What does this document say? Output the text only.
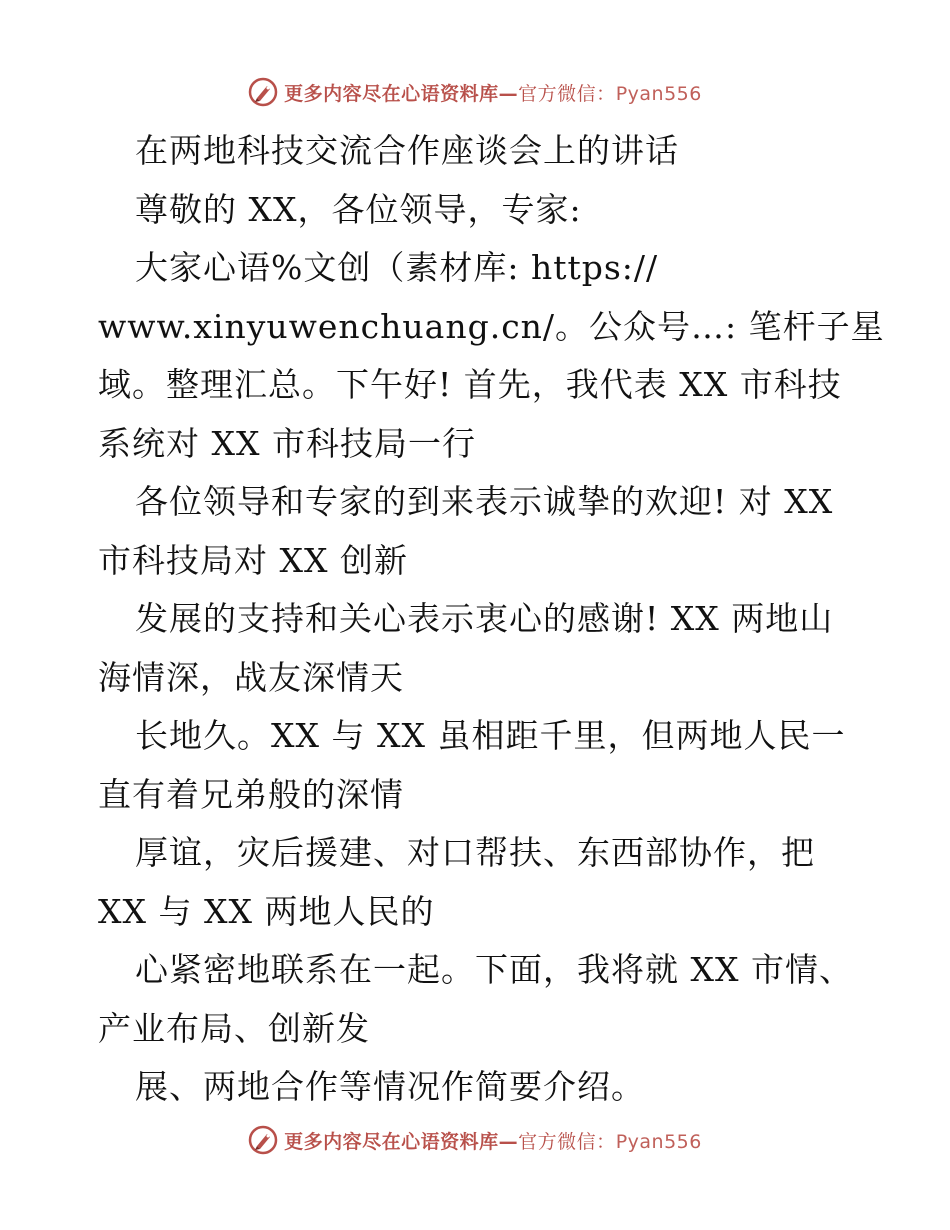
更多内容尽在心语资料库—官方微信：Pyan556
在两地科技交流合作座谈会上的讲话
尊敬的 XX，各位领导，专家:
大家心语%文创（素材库: https://
www.xinyuwenchuang.cn/。公众号…: 笔杆子星
域。整理汇总。下午好! 首先，我代表 XX 市科技
系统对 XX 市科技局一行
各位领导和专家的到来表示诚挚的欢迎! 对 XX
市科技局对 XX 创新
发展的支持和关心表示衷心的感谢! XX 两地山
海情深，战友深情天
长地久。XX 与 XX 虽相距千里，但两地人民一
直有着兄弟般的深情
厚谊，灾后援建、对口帮扶、东西部协作，把
XX 与 XX 两地人民的
心紧密地联系在一起。下面，我将就 XX 市情、
产业布局、创新发
展、两地合作等情况作简要介绍。
更多内容尽在心语资料库—官方微信：Pyan556
